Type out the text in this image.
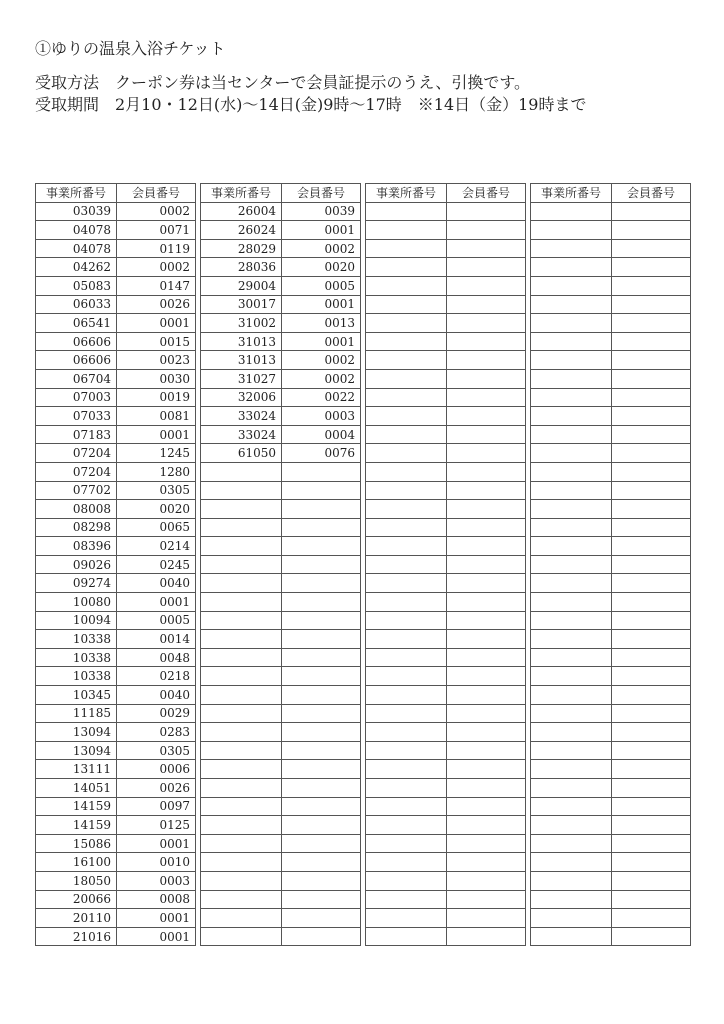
①ゆりの温泉入浴チケット
受取方法　クーポン券は当センターで会員証提示のうえ、引換です。
受取期間　2月10・12日(水)～14日(金)9時～17時　※14日（金）19時まで
事業所番号	会員番号
03039	0002
04078	0071
04078	0119
04262	0002
05083	0147
06033	0026
06541	0001
06606	0015
06606	0023
06704	0030
07003	0019
07033	0081
07183	0001
07204	1245
07204	1280
07702	0305
08008	0020
08298	0065
08396	0214
09026	0245
09274	0040
10080	0001
10094	0005
10338	0014
10338	0048
10338	0218
10345	0040
11185	0029
13094	0283
13094	0305
13111	0006
14051	0026
14159	0097
14159	0125
15086	0001
16100	0010
18050	0003
20066	0008
20110	0001
21016	0001
事業所番号	会員番号
26004	0039
26024	0001
28029	0002
28036	0020
29004	0005
30017	0001
31002	0013
31013	0001
31013	0002
31027	0002
32006	0022
33024	0003
33024	0004
61050	0076

事業所番号	会員番号

		事業所番号	会員番号
